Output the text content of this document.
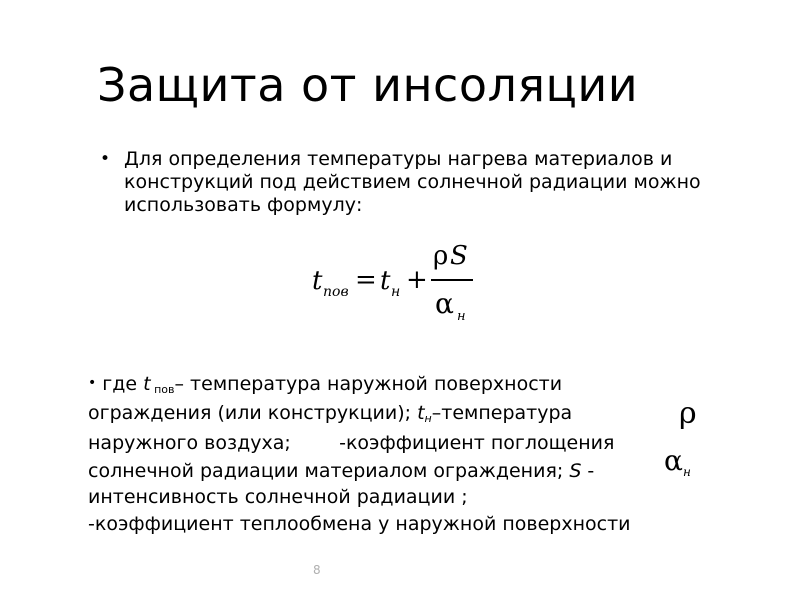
Защита от инсоляции
• Для определения температуры нагрева материалов и конструкций под действием солнечной радиации можно использовать формулу:
t пов = t н +
ρ S
α н
• где t $_{пов}$– температура наружной поверхности
ограждения (или конструкции); $t_н$–температура
наружного воздуха;        -коэффициент поглощения
солнечной радиации материалом ограждения; S -
интенсивность солнечной радиации ;
-коэффициент теплообмена у наружной поверхности
ρ
α н
8
